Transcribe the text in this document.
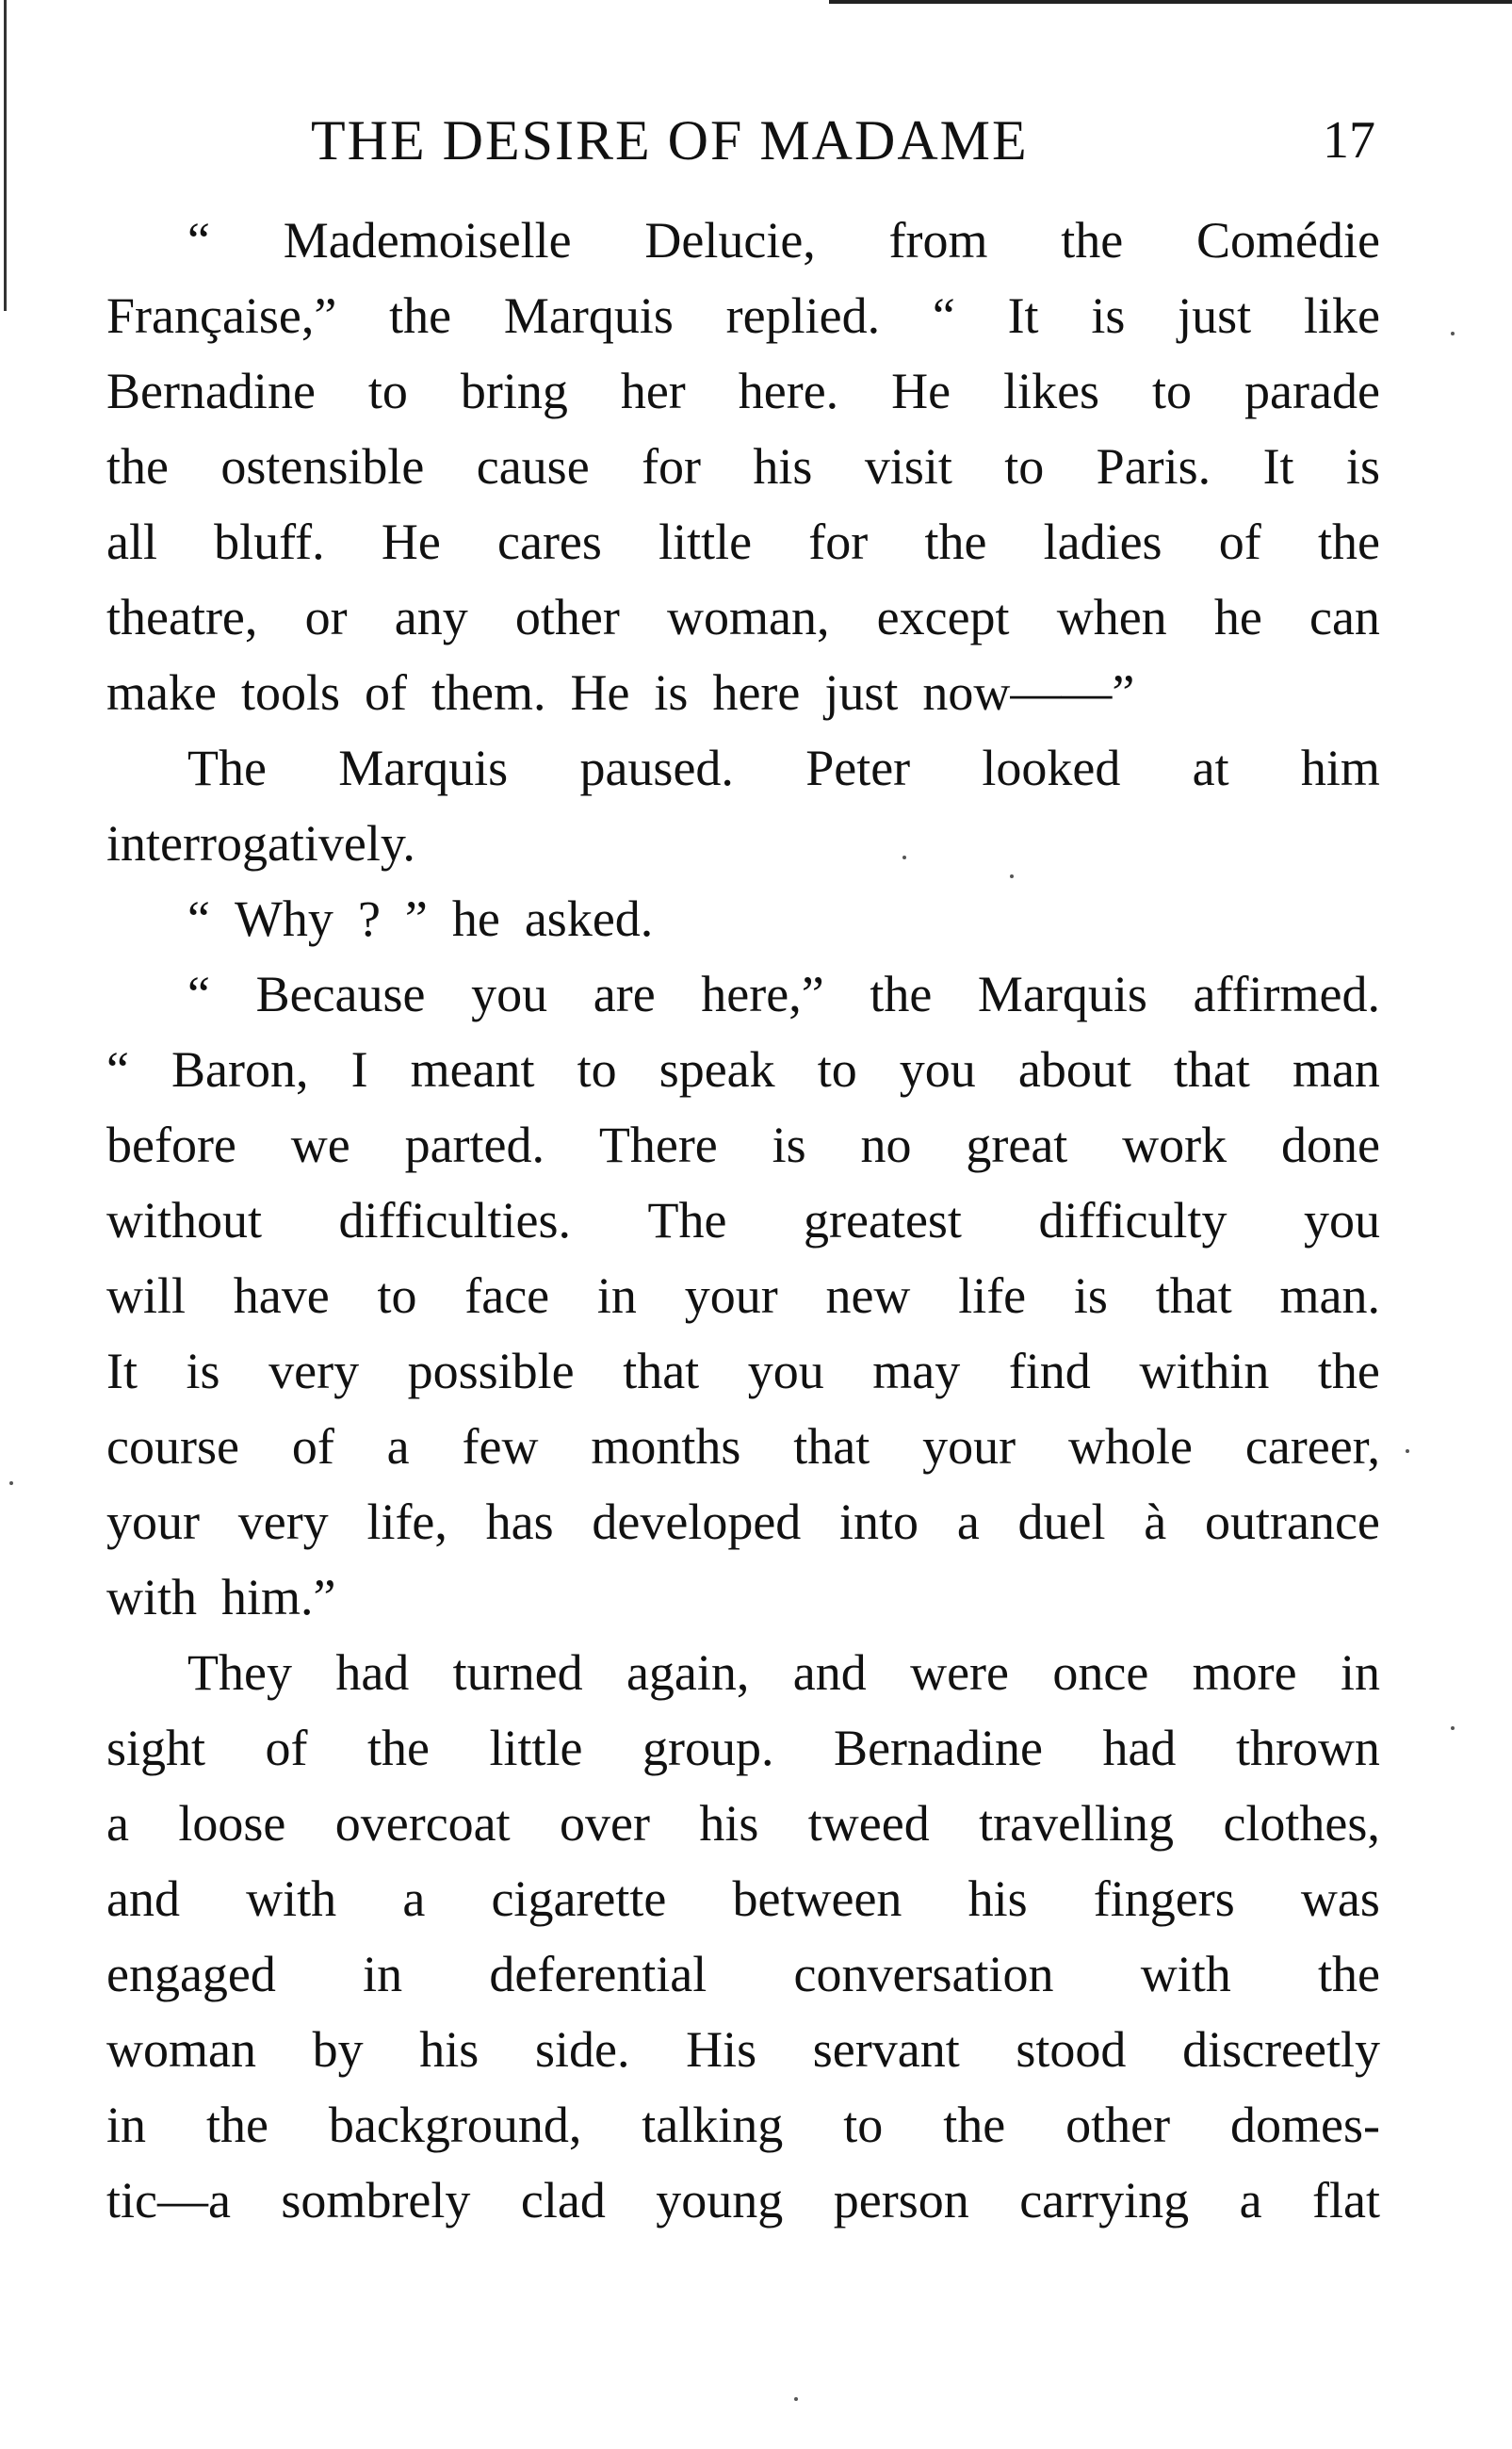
THE DESIRE OF MADAME	17
“ Mademoiselle Delucie, from the Comédie
Française,” the Marquis replied. “ It is just like
Bernadine to bring her here. He likes to parade
the ostensible cause for his visit to Paris. It is
all bluff. He cares little for the ladies of the
theatre, or any other woman, except when he can
make tools of them. He is here just now——”
The Marquis paused. Peter looked at him
interrogatively.
“ Why ? ” he asked.
“ Because you are here,” the Marquis affirmed.
“ Baron, I meant to speak to you about that man
before we parted. There is no great work done
without difficulties. The greatest difficulty you
will have to face in your new life is that man.
It is very possible that you may find within the
course of a few months that your whole career,
your very life, has developed into a duel à outrance
with him.”
They had turned again, and were once more in
sight of the little group. Bernadine had thrown
a loose overcoat over his tweed travelling clothes,
and with a cigarette between his fingers was
engaged in deferential conversation with the
woman by his side. His servant stood discreetly
in the background, talking to the other domes-
tic—a sombrely clad young person carrying a flat
